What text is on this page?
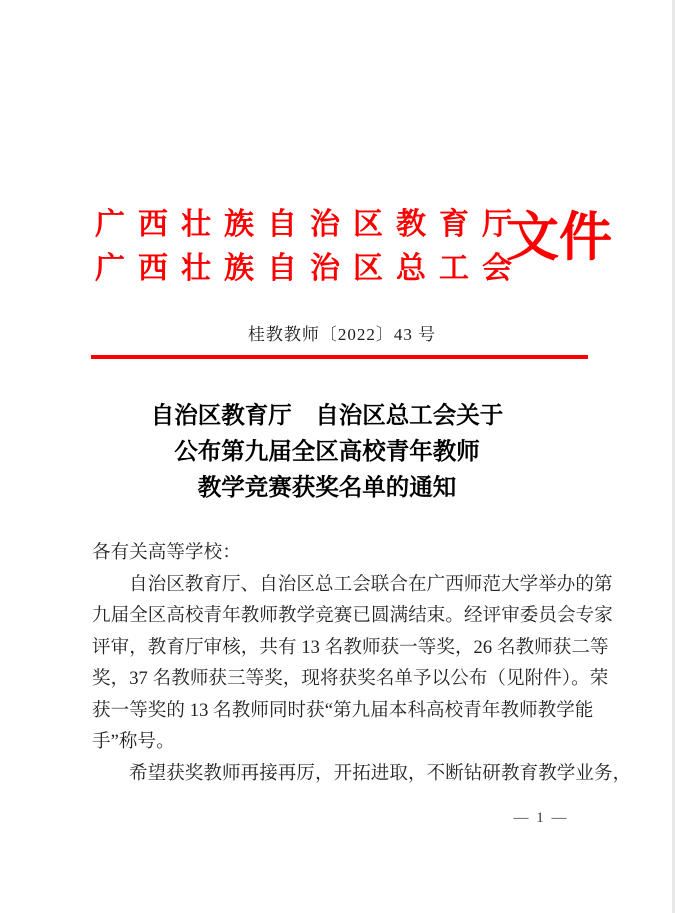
广西壮族自治区教育厅
广西壮族自治区总工会
文件
桂教教师〔2022〕43 号
自治区教育厅　自治区总工会关于
公布第九届全区高校青年教师
教学竞赛获奖名单的通知
各有关高等学校：
自治区教育厅、自治区总工会联合在广西师范大学举办的第
九届全区高校青年教师教学竞赛已圆满结束。经评审委员会专家
评审，教育厅审核，共有 13 名教师获一等奖，26 名教师获二等
奖，37 名教师获三等奖，现将获奖名单予以公布（见附件）。荣
获一等奖的 13 名教师同时获“第九届本科高校青年教师教学能
手”称号。
希望获奖教师再接再厉，开拓进取，不断钻研教育教学业务，
— 1 —
